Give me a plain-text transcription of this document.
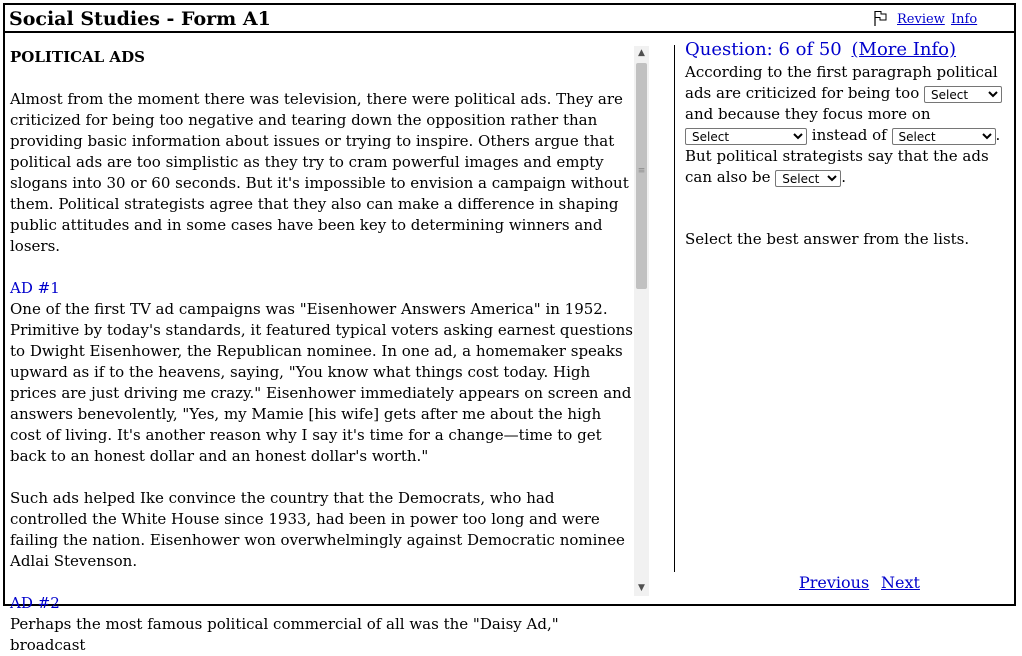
Social Studies - Form A1	Review Info
POLITICAL ADS

Almost from the moment there was television, there were political ads. They are criticized for being too negative and tearing down the opposition rather than providing basic information about issues or trying to inspire. Others argue that political ads are too simplistic as they try to cram powerful images and empty slogans into 30 or 60 seconds. But it's impossible to envision a campaign without them. Political strategists agree that they also can make a difference in shaping public attitudes and in some cases have been key to determining winners and losers.

AD #1
One of the first TV ad campaigns was "Eisenhower Answers America" in 1952. Primitive by today's standards, it featured typical voters asking earnest questions to Dwight Eisenhower, the Republican nominee. In one ad, a homemaker speaks upward as if to the heavens, saying, "You know what things cost today. High prices are just driving me crazy." Eisenhower immediately appears on screen and answers benevolently, "Yes, my Mamie [his wife] gets after me about the high cost of living. It's another reason why I say it's time for a change—time to get back to an honest dollar and an honest dollar's worth."

Such ads helped Ike convince the country that the Democrats, who had controlled the White House since 1933, had been in power too long and were failing the nation. Eisenhower won overwhelmingly against Democratic nominee Adlai Stevenson.

AD #2
Perhaps the most famous political commercial of all was the "Daisy Ad," broadcast

▲
≡
▼
Question: 6 of 50 (More Info)
According to the first paragraph political ads are criticized for being too
Select and because they focus more on
Select instead of
Select	. But political strategists say that the ads can also be
Select	.
Select the best answer from the lists.
Previous Next
